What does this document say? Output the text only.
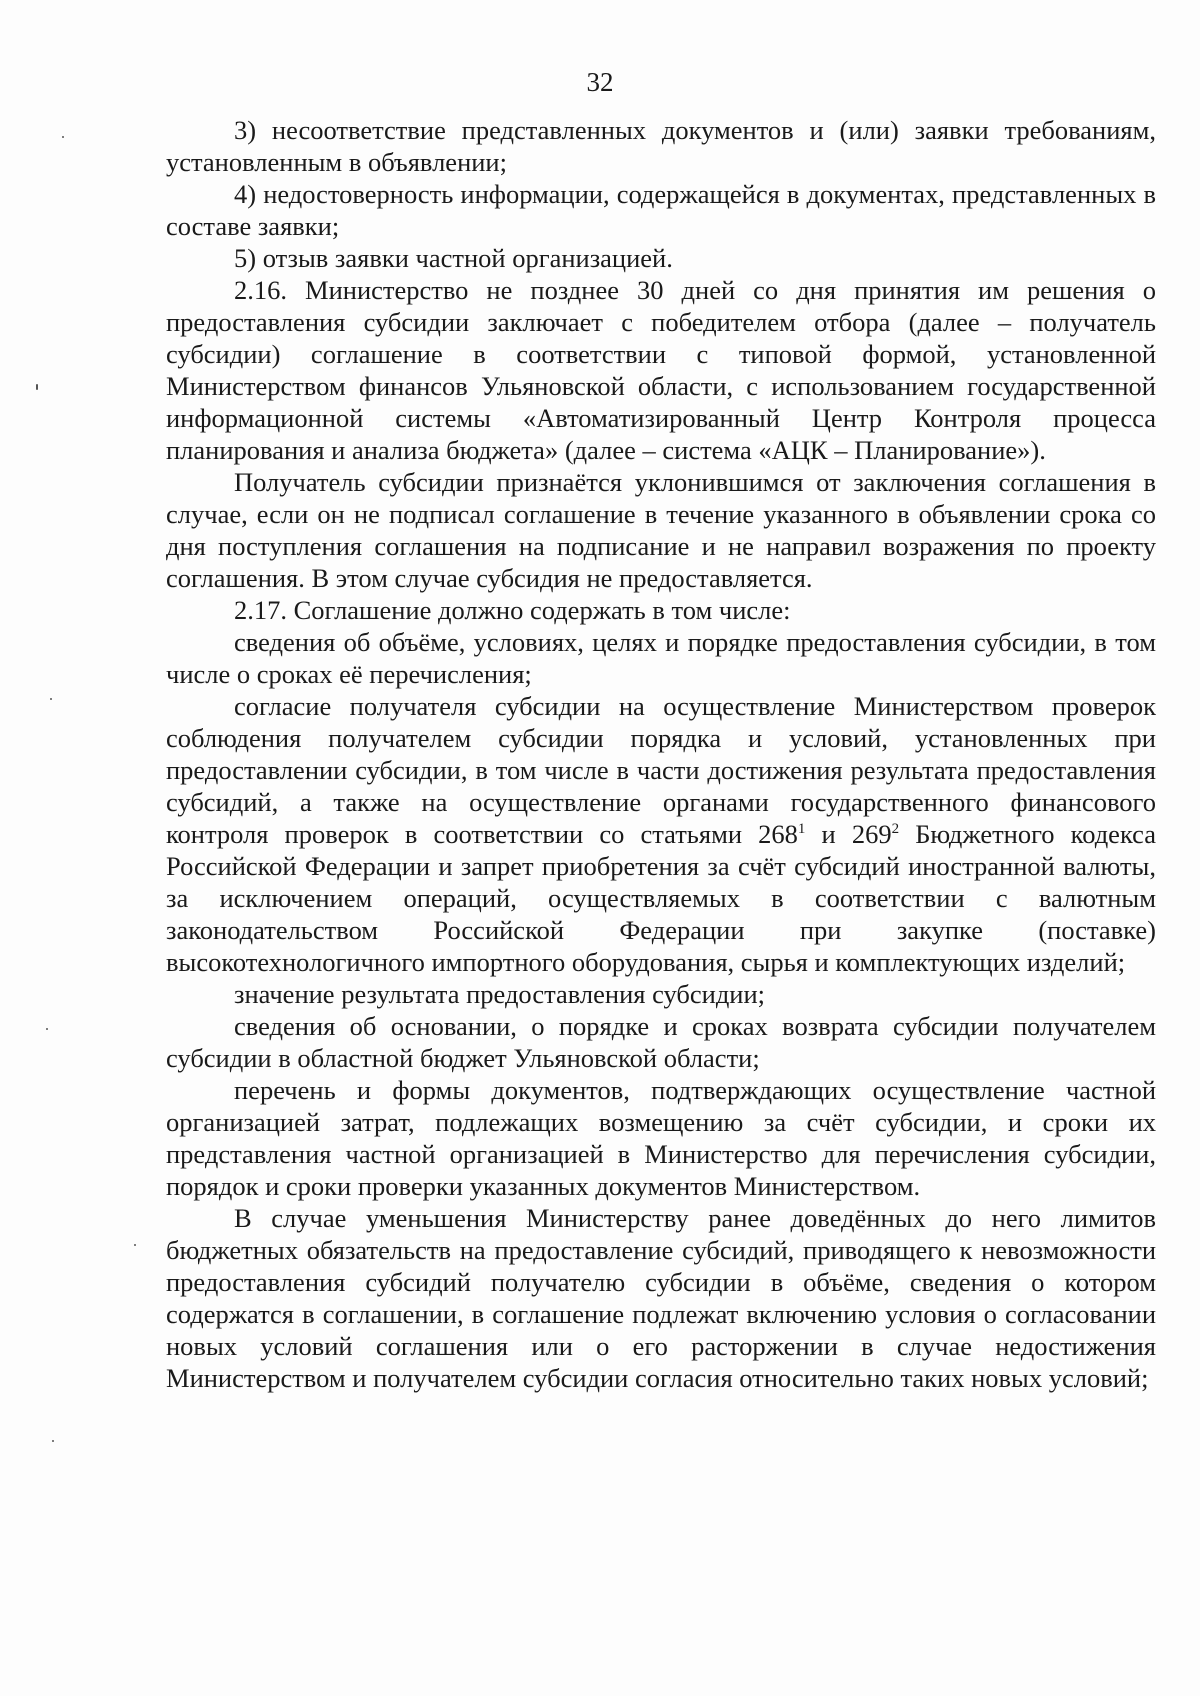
32

3) несоответствие представленных документов и (или) заявки требованиям, установленным в объявлении;

4) недостоверность информации, содержащейся в документах, представленных в составе заявки;

5) отзыв заявки частной организацией.

2.16. Министерство не позднее 30 дней со дня принятия им решения о предоставления субсидии заключает с победителем отбора (далее – получатель субсидии) соглашение в соответствии с типовой формой, установленной Министерством финансов Ульяновской области, с использованием государственной информационной системы «Автоматизированный Центр Контроля процесса планирования и анализа бюджета» (далее – система «АЦК – Планирование»).

Получатель субсидии признаётся уклонившимся от заключения соглашения в случае, если он не подписал соглашение в течение указанного в объявлении срока со дня поступления соглашения на подписание и не направил возражения по проекту соглашения. В этом случае субсидия не предоставляется.

2.17. Соглашение должно содержать в том числе:

сведения об объёме, условиях, целях и порядке предоставления субсидии, в том числе о сроках её перечисления;

согласие получателя субсидии на осуществление Министерством проверок соблюдения получателем субсидии порядка и условий, установленных при предоставлении субсидии, в том числе в части достижения результата предоставления субсидий, а также на осуществление органами государственного финансового контроля проверок в соответствии со статьями $268^1$ и $269^2$ Бюджетного кодекса Российской Федерации и запрет приобретения за счёт субсидий иностранной валюты, за исключением операций, осуществляемых в соответствии с валютным законодательством Российской Федерации при закупке (поставке) высокотехнологичного импортного оборудования, сырья и комплектующих изделий;

значение результата предоставления субсидии;

сведения об основании, о порядке и сроках возврата субсидии получателем субсидии в областной бюджет Ульяновской области;

перечень и формы документов, подтверждающих осуществление частной организацией затрат, подлежащих возмещению за счёт субсидии, и сроки их представления частной организацией в Министерство для перечисления субсидии, порядок и сроки проверки указанных документов Министерством.

В случае уменьшения Министерству ранее доведённых до него лимитов бюджетных обязательств на предоставление субсидий, приводящего к невозможности предоставления субсидий получателю субсидии в объёме, сведения о котором содержатся в соглашении, в соглашение подлежат включению условия о согласовании новых условий соглашения или о его расторжении в случае недостижения Министерством и получателем субсидии согласия относительно таких новых условий;
